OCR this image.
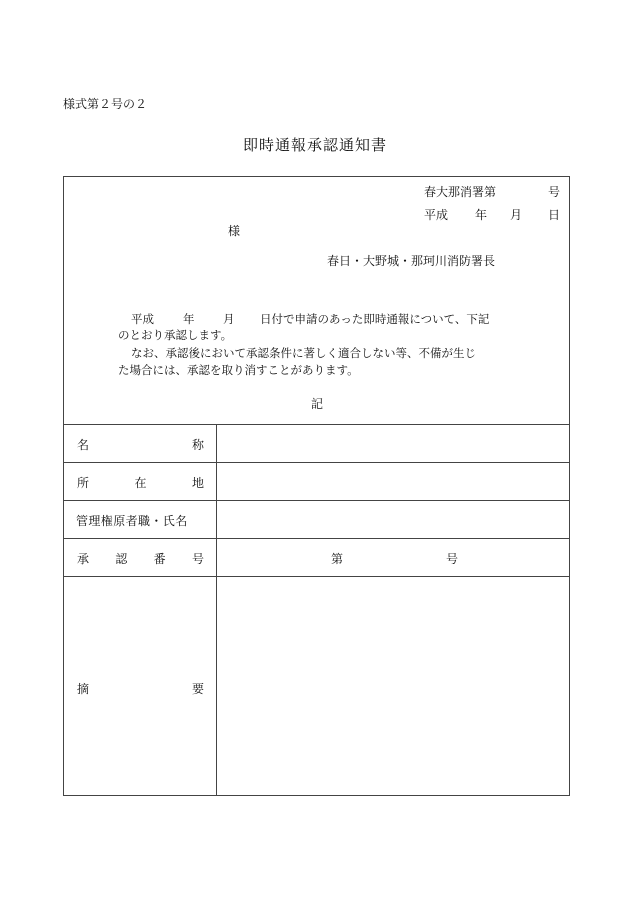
様式第２号の２
即時通報承認通知書
春大那消署第	号
平成 年 月 日
様
春日・大野城・那珂川消防署長
平成	年 月 日付で申請のあった即時通報について、下記
のとおり承認します。
なお、承認後において承認条件に著しく適合しない等、不備が生じ
た場合には、承認を取り消すことがあります。
記
名	称
所	在	地
管理権原者職・氏名
承 認 番 号	第	号
摘	要
